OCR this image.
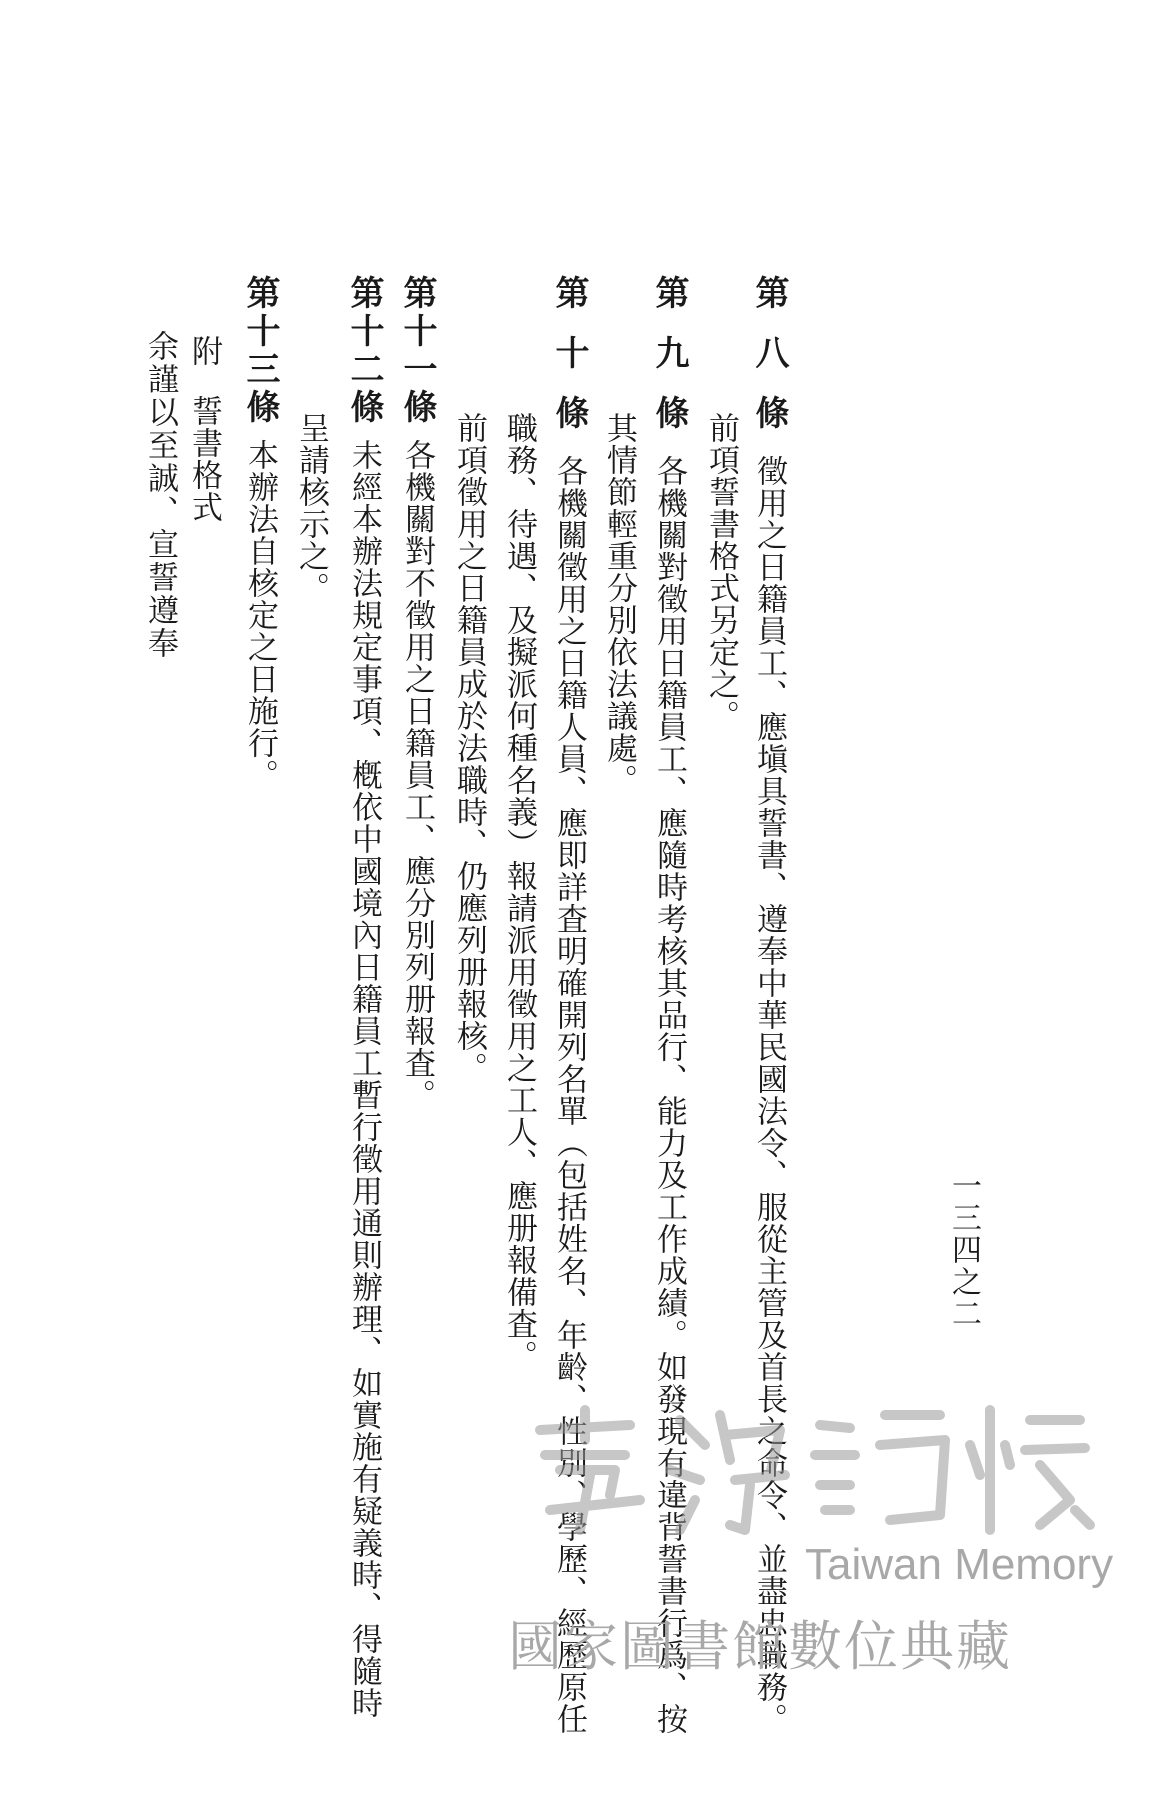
一三四之二
第八條徵用之日籍員工、應塡具誓書、遵奉中華民國法令、服從主管及首長之命令、並盡忠職務。
前項誓書格式另定之。
第九條各機關對徵用日籍員工、應隨時考核其品行、能力及工作成績。如發現有違背誓書行爲、按
其情節輕重分別依法議處。
第十條各機關徵用之日籍人員、應即詳査明確開列名單（包括姓名、年齡、性別、學歷、經歷原任
職務、待遇、及擬派何種名義）報請派用徵用之工人、應册報備査。
前項徵用之日籍員成於法職時、仍應列册報核。
第十一條各機關對不徵用之日籍員工、應分別列册報査。
第十二條未經本辦法規定事項、槪依中國境內日籍員工暫行徵用通則辦理、如實施有疑義時、得隨時
呈請核示之。
第十三條本辦法自核定之日施行。
附誓書格式
余謹以至誠、宣誓遵奉
Taiwan Memory
國家圖書館數位典藏
